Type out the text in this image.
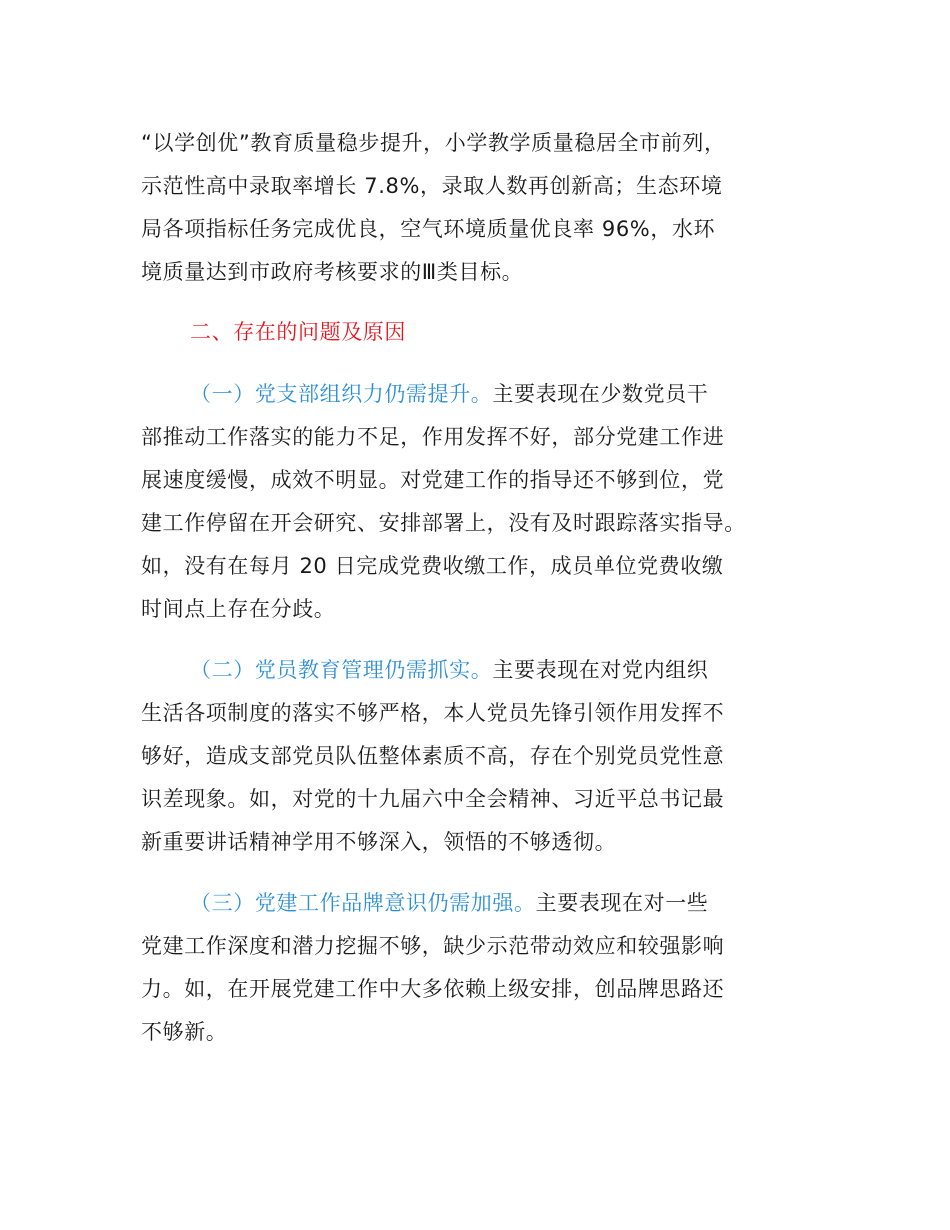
“以学创优”教育质量稳步提升，小学教学质量稳居全市前列，
示范性高中录取率增长 7.8%，录取人数再创新高；生态环境
局各项指标任务完成优良，空气环境质量优良率 96%，水环
境质量达到市政府考核要求的Ⅲ类目标。
二、存在的问题及原因
（一）党支部组织力仍需提升。主要表现在少数党员干
部推动工作落实的能力不足，作用发挥不好，部分党建工作进
展速度缓慢，成效不明显。对党建工作的指导还不够到位，党
建工作停留在开会研究、安排部署上，没有及时跟踪落实指导。
如，没有在每月 20 日完成党费收缴工作，成员单位党费收缴
时间点上存在分歧。
（二）党员教育管理仍需抓实。主要表现在对党内组织
生活各项制度的落实不够严格，本人党员先锋引领作用发挥不
够好，造成支部党员队伍整体素质不高，存在个别党员党性意
识差现象。如，对党的十九届六中全会精神、习近平总书记最
新重要讲话精神学用不够深入，领悟的不够透彻。
（三）党建工作品牌意识仍需加强。主要表现在对一些
党建工作深度和潜力挖掘不够，缺少示范带动效应和较强影响
力。如，在开展党建工作中大多依赖上级安排，创品牌思路还
不够新。
